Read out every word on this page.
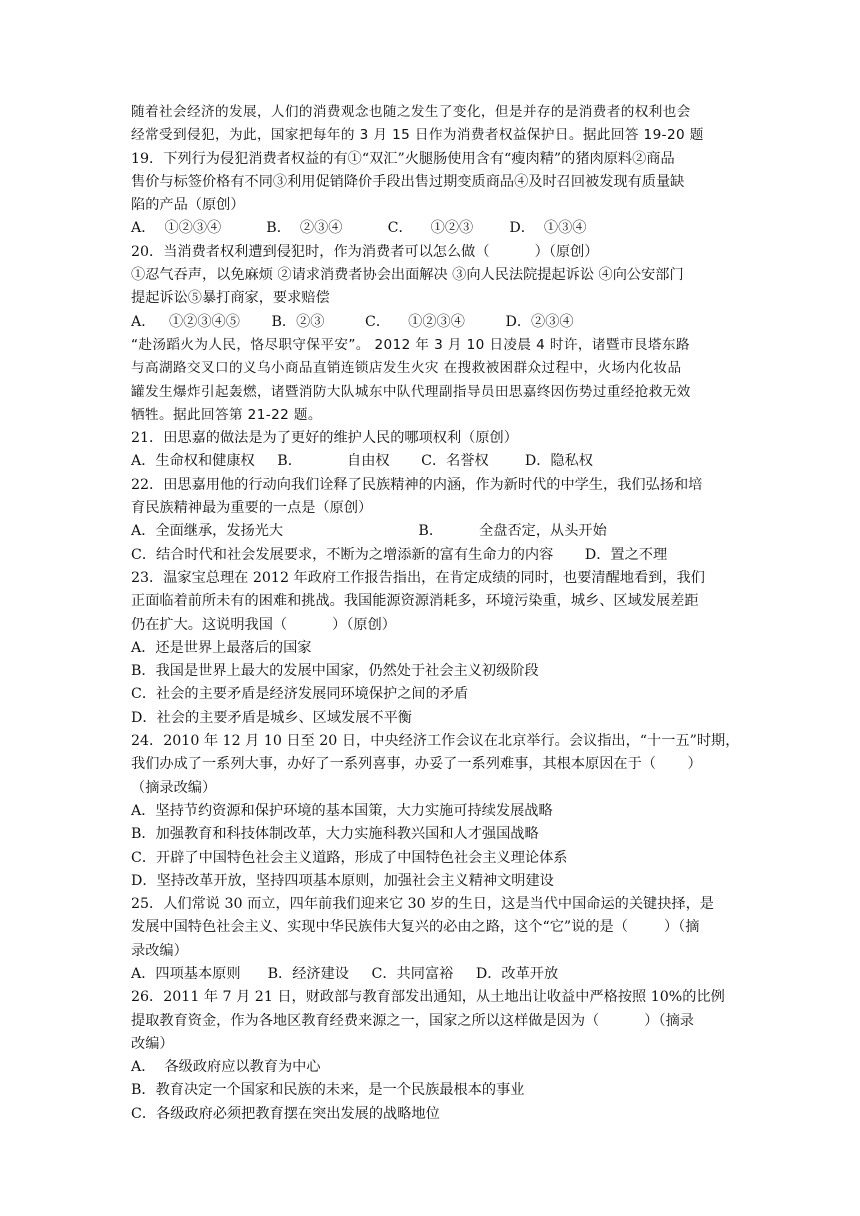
随着社会经济的发展，人们的消费观念也随之发生了变化，但是并存的是消费者的权利也会
经常受到侵犯，为此，国家把每年的 3 月 15 日作为消费者权益保护日。据此回答 19-20 题
19．下列行为侵犯消费者权益的有①“双汇”火腿肠使用含有“瘦肉精”的猪肉原料②商品
售价与标签价格有不同③利用促销降价手段出售过期变质商品④及时召回被发现有质量缺
陷的产品（原创）
A．  ①②③④          B．  ②③④          C．    ①②③        D．  ①③④
20．当消费者权利遭到侵犯时，作为消费者可以怎么做（          ）（原创）
①忍气吞声，以免麻烦 ②请求消费者协会出面解决 ③向人民法院提起诉讼 ④向公安部门
提起诉讼⑤暴打商家，要求赔偿
A．   ①②③④⑤       B．②③         C．    ①②③④         D．②③④
“赴汤蹈火为人民，恪尽职守保平安”。 2012 年 3 月 10 日凌晨 4 时许，诸暨市艮塔东路
与高湖路交叉口的义乌小商品直销连锁店发生火灾 在搜救被困群众过程中，火场内化妆品
罐发生爆炸引起轰燃，诸暨消防大队城东中队代理副指导员田思嘉终因伤势过重经抢救无效
牺牲。据此回答第 21-22 题。
21．田思嘉的做法是为了更好的维护人民的哪项权利（原创）
A．生命权和健康权     B．          自由权       C．名誉权        D．隐私权
22．田思嘉用他的行动向我们诠释了民族精神的内涵，作为新时代的中学生，我们弘扬和培
育民族精神最为重要的一点是（原创）
A．全面继承，发扬光大                              B．        全盘否定，从头开始
C．结合时代和社会发展要求，不断为之增添新的富有生命力的内容       D．置之不理
23．温家宝总理在 2012 年政府工作报告指出，在肯定成绩的同时，也要清醒地看到，我们
正面临着前所未有的困难和挑战。我国能源资源消耗多，环境污染重，城乡、区域发展差距
仍在扩大。这说明我国（          ）（原创）
A．还是世界上最落后的国家
B．我国是世界上最大的发展中国家，仍然处于社会主义初级阶段
C．社会的主要矛盾是经济发展同环境保护之间的矛盾
D．社会的主要矛盾是城乡、区域发展不平衡
24．2010 年 12 月 10 日至 20 日，中央经济工作会议在北京举行。会议指出，“十一五”时期，
我们办成了一系列大事，办好了一系列喜事，办妥了一系列难事，其根本原因在于（       ）
（摘录改编）
A．坚持节约资源和保护环境的基本国策，大力实施可持续发展战略
B．加强教育和科技体制改革，大力实施科教兴国和人才强国战略
C．开辟了中国特色社会主义道路，形成了中国特色社会主义理论体系
D．坚持改革开放，坚持四项基本原则，加强社会主义精神文明建设
25．人们常说 30 而立，四年前我们迎来它 30 岁的生日，这是当代中国命运的关键抉择，是
发展中国特色社会主义、实现中华民族伟大复兴的必由之路，这个“它”说的是（        ）（摘
录改编）
A．四项基本原则      B．经济建设     C．共同富裕     D．改革开放
26．2011 年 7 月 21 日，财政部与教育部发出通知，从土地出让收益中严格按照 10%的比例
提取教育资金，作为各地区教育经费来源之一，国家之所以这样做是因为（          ）（摘录
改编）
A．  各级政府应以教育为中心
B．教育决定一个国家和民族的未来，是一个民族最根本的事业
C．各级政府必须把教育摆在突出发展的战略地位
